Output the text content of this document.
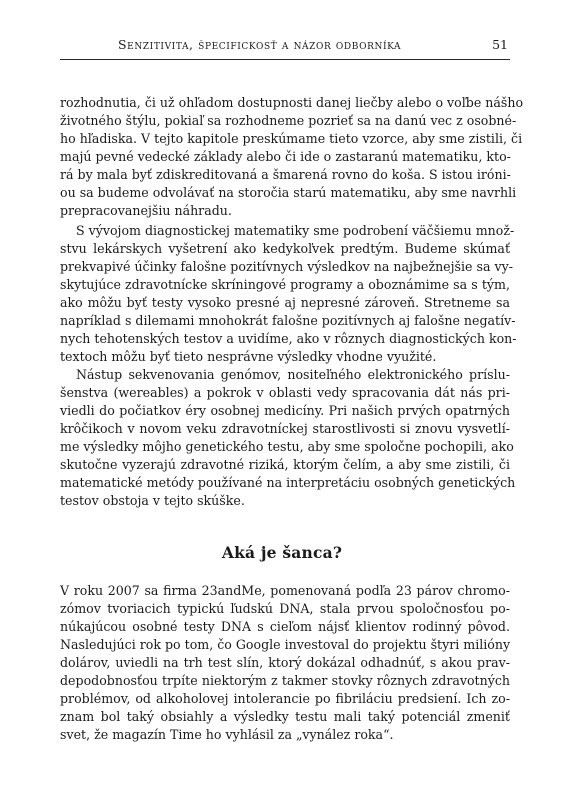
Senzitivita, špecifickosť a názor odborníka	51
rozhodnutia, či už ohľadom dostupnosti danej liečby alebo o voľbe nášho
životného štýlu, pokiaľ sa rozhodneme pozrieť sa na danú vec z osobné-
ho hľadiska. V tejto kapitole preskúmame tieto vzorce, aby sme zistili, či
majú pevné vedecké základy alebo či ide o zastaranú matematiku, kto-
rá by mala byť zdiskreditovaná a šmarená rovno do koša. S istou iróni-
ou sa budeme odvolávať na storočia starú matematiku, aby sme navrhli
prepracovanejšiu náhradu.
S vývojom diagnostickej matematiky sme podrobení väčšiemu množ-
stvu lekárskych vyšetrení ako kedykoľvek predtým. Budeme skúmať
prekvapivé účinky falošne pozitívnych výsledkov na najbežnejšie sa vy-
skytujúce zdravotnícke skríningové programy a oboznámime sa s tým,
ako môžu byť testy vysoko presné aj nepresné zároveň. Stretneme sa
napríklad s dilemami mnohokrát falošne pozitívnych aj falošne negatív-
nych tehotenských testov a uvidíme, ako v rôznych diagnostických kon-
textoch môžu byť tieto nesprávne výsledky vhodne využité.
Nástup sekvenovania genómov, nositeľného elektronického príslu-
šenstva (wereables) a pokrok v oblasti vedy spracovania dát nás pri-
viedli do počiatkov éry osobnej medicíny. Pri našich prvých opatrných
krôčikoch v novom veku zdravotníckej starostlivosti si znovu vysvetlí-
me výsledky môjho genetického testu, aby sme spoločne pochopili, ako
skutočne vyzerajú zdravotné riziká, ktorým čelím, a aby sme zistili, či
matematické metódy používané na interpretáciu osobných genetických
testov obstoja v tejto skúške.
Aká je šanca?
V roku 2007 sa firma 23andMe, pomenovaná podľa 23 párov chromo-
zómov tvoriacich typickú ľudskú DNA, stala prvou spoločnosťou po-
núkajúcou osobné testy DNA s cieľom nájsť klientov rodinný pôvod.
Nasledujúci rok po tom, čo Google investoval do projektu štyri milióny
dolárov, uviedli na trh test slín, ktorý dokázal odhadnúť, s akou prav-
depodobnosťou trpíte niektorým z takmer stovky rôznych zdravotných
problémov, od alkoholovej intolerancie po fibriláciu predsiení. Ich zo-
znam bol taký obsiahly a výsledky testu mali taký potenciál zmeniť
svet, že magazín Time ho vyhlásil za „vynález roka“.
